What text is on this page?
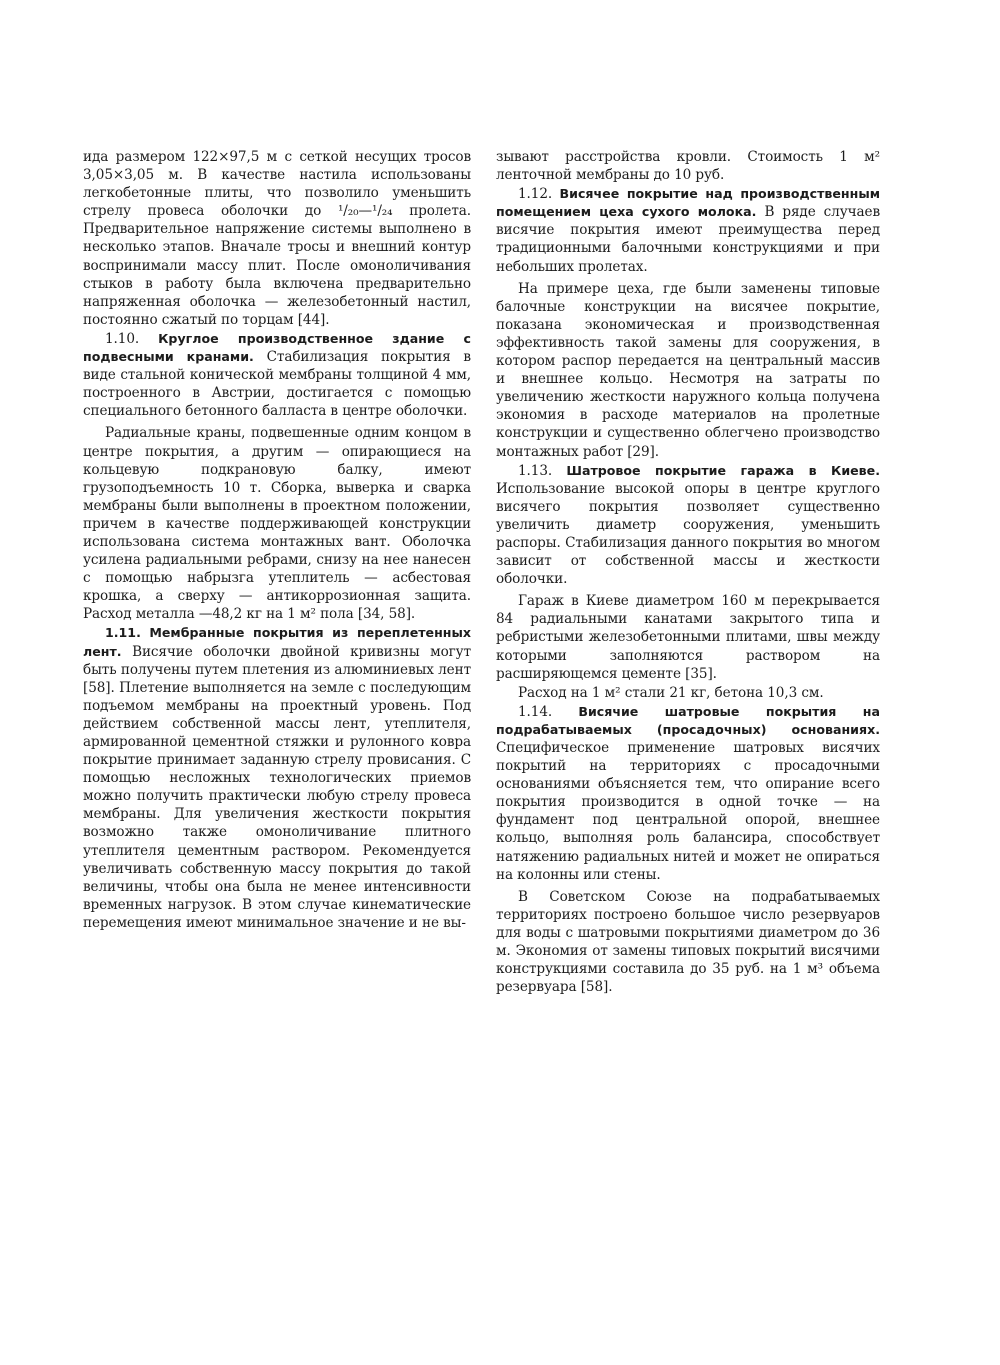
ида размером 122×97,5 м с сеткой несущих тросов 3,05×3,05 м. В качестве настила использованы легкобетонные плиты, что позволило уменьшить стрелу провеса оболочки до ¹/₂₀—¹/₂₄ пролета. Предварительное напряжение системы выполнено в несколько этапов. Вначале тросы и внешний контур воспринимали массу плит. После омоноличивания стыков в работу была включена предварительно напряженная оболочка — железобетонный настил, постоянно сжатый по торцам [44].

1.10. Круглое производственное здание с подвесными кранами. Стабилизация покрытия в виде стальной конической мембраны толщиной 4 мм, построенного в Австрии, достигается с помощью специального бетонного балласта в центре оболочки.

Радиальные краны, подвешенные одним концом в центре покрытия, а другим — опирающиеся на кольцевую подкрановую балку, имеют грузоподъемность 10 т. Сборка, выверка и сварка мембраны были выполнены в проектном положении, причем в качестве поддерживающей конструкции использована система монтажных вант. Оболочка усилена радиальными ребрами, снизу на нее нанесен с помощью набрызга утеплитель — асбестовая крошка, а сверху — антикоррозионная защита. Расход металла —48,2 кг на 1 м² пола [34, 58].

1.11. Мембранные покрытия из переплетенных лент. Висячие оболочки двойной кривизны могут быть получены путем плетения из алюминиевых лент [58]. Плетение выполняется на земле с последующим подъемом мембраны на проектный уровень. Под действием собственной массы лент, утеплителя, армированной цементной стяжки и рулонного ковра покрытие принимает заданную стрелу провисания. С помощью несложных технологических приемов можно получить практически любую стрелу провеса мембраны. Для увеличения жесткости покрытия возможно также омоноличивание плитного утеплителя цементным раствором. Рекомендуется увеличивать собственную массу покрытия до такой величины, чтобы она была не менее интенсивности временных нагрузок. В этом случае кинематические перемещения имеют минимальное значение и не вы-

зывают расстройства кровли. Стоимость 1 м² ленточной мембраны до 10 руб.

1.12. Висячее покрытие над производственным помещением цеха сухого молока. В ряде случаев висячие покрытия имеют преимущества перед традиционными балочными конструкциями и при небольших пролетах.

На примере цеха, где были заменены типовые балочные конструкции на висячее покрытие, показана экономическая и производственная эффективность такой замены для сооружения, в котором распор передается на центральный массив и внешнее кольцо. Несмотря на затраты по увеличению жесткости наружного кольца получена экономия в расходе материалов на пролетные конструкции и существенно облегчено производство монтажных работ [29].

1.13. Шатровое покрытие гаража в Киеве. Использование высокой опоры в центре круглого висячего покрытия позволяет существенно увеличить диаметр сооружения, уменьшить распоры. Стабилизация данного покрытия во многом зависит от собственной массы и жесткости оболочки.

Гараж в Киеве диаметром 160 м перекрывается 84 радиальными канатами закрытого типа и ребристыми железобетонными плитами, швы между которыми заполняются раствором на расширяющемся цементе [35].

Расход на 1 м² стали 21 кг, бетона 10,3 см.

1.14. Висячие шатровые покрытия на подрабатываемых (просадочных) основаниях. Специфическое применение шатровых висячих покрытий на территориях с просадочными основаниями объясняется тем, что опирание всего покрытия производится в одной точке — на фундамент под центральной опорой, внешнее кольцо, выполняя роль балансира, способствует натяжению радиальных нитей и может не опираться на колонны или стены.

В Советском Союзе на подрабатываемых территориях построено большое число резервуаров для воды с шатровыми покрытиями диаметром до 36 м. Экономия от замены типовых покрытий висячими конструкциями составила до 35 руб. на 1 м³ объема резервуара [58].
